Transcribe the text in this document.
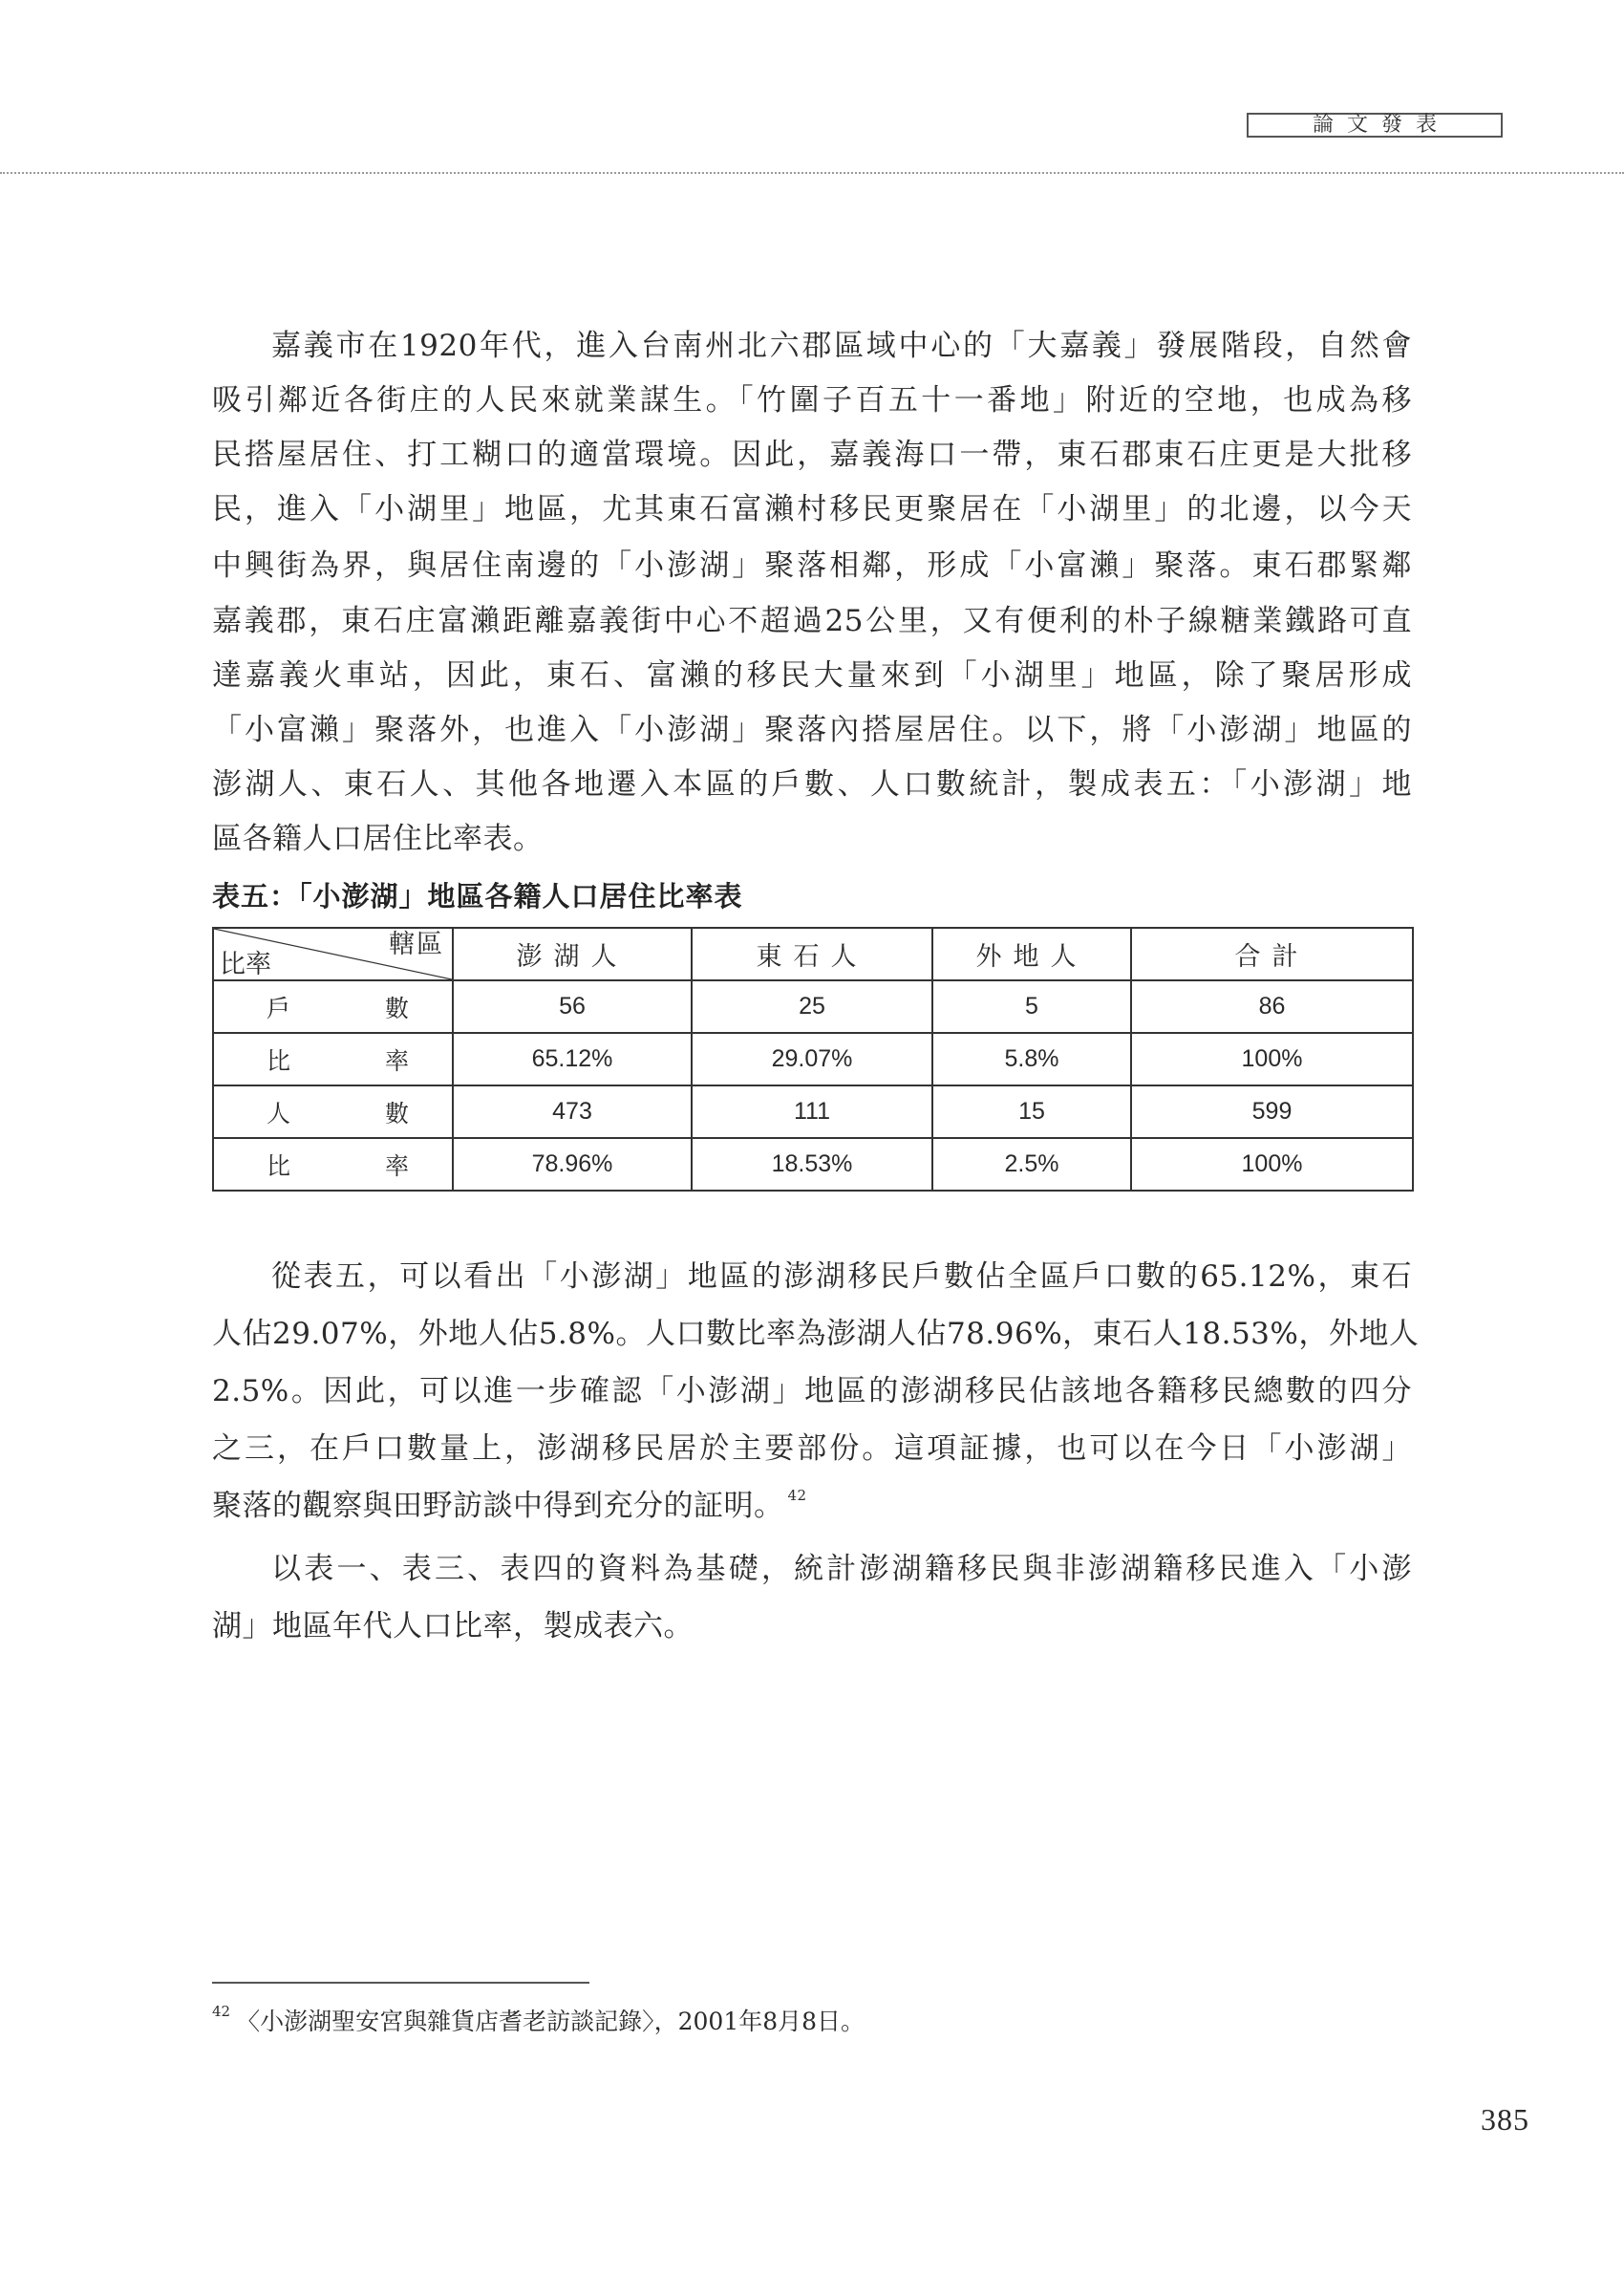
論文發表
嘉義市在1920年代，進入台南州北六郡區域中心的「大嘉義」發展階段，自然會
吸引鄰近各街庄的人民來就業謀生。「竹圍子百五十一番地」附近的空地，也成為移
民搭屋居住、打工糊口的適當環境。因此，嘉義海口一帶，東石郡東石庄更是大批移
民，進入「小湖里」地區，尤其東石富瀨村移民更聚居在「小湖里」的北邊，以今天
中興街為界，與居住南邊的「小澎湖」聚落相鄰，形成「小富瀨」聚落。東石郡緊鄰
嘉義郡，東石庄富瀨距離嘉義街中心不超過25公里，又有便利的朴子線糖業鐵路可直
達嘉義火車站，因此，東石、富瀨的移民大量來到「小湖里」地區，除了聚居形成
「小富瀨」聚落外，也進入「小澎湖」聚落內搭屋居住。以下，將「小澎湖」地區的
澎湖人、東石人、其他各地遷入本區的戶數、人口數統計，製成表五：「小澎湖」地
區各籍人口居住比率表。
表五：「小澎湖」地區各籍人口居住比率表
轄區
比率	澎湖人	東石人	外地人	合計

戶 數	56	25	5	86

比 率	65.12%	29.07%	5.8%	100%

人 數	473	111	15	599

比 率	78.96%	18.53%	2.5%	100%
從表五，可以看出「小澎湖」地區的澎湖移民戶數佔全區戶口數的65.12%，東石
人佔29.07%，外地人佔5.8%。人口數比率為澎湖人佔78.96%，東石人18.53%，外地人
2.5%。因此，可以進一步確認「小澎湖」地區的澎湖移民佔該地各籍移民總數的四分
之三，在戶口數量上，澎湖移民居於主要部份。這項証據，也可以在今日「小澎湖」
聚落的觀察與田野訪談中得到充分的証明。 $^{42}$
以表一、表三、表四的資料為基礎，統計澎湖籍移民與非澎湖籍移民進入「小澎
湖」地區年代人口比率，製成表六。
$^{42}$ 〈小澎湖聖安宮與雜貨店耆老訪談記錄〉，2001年8月8日。
385
